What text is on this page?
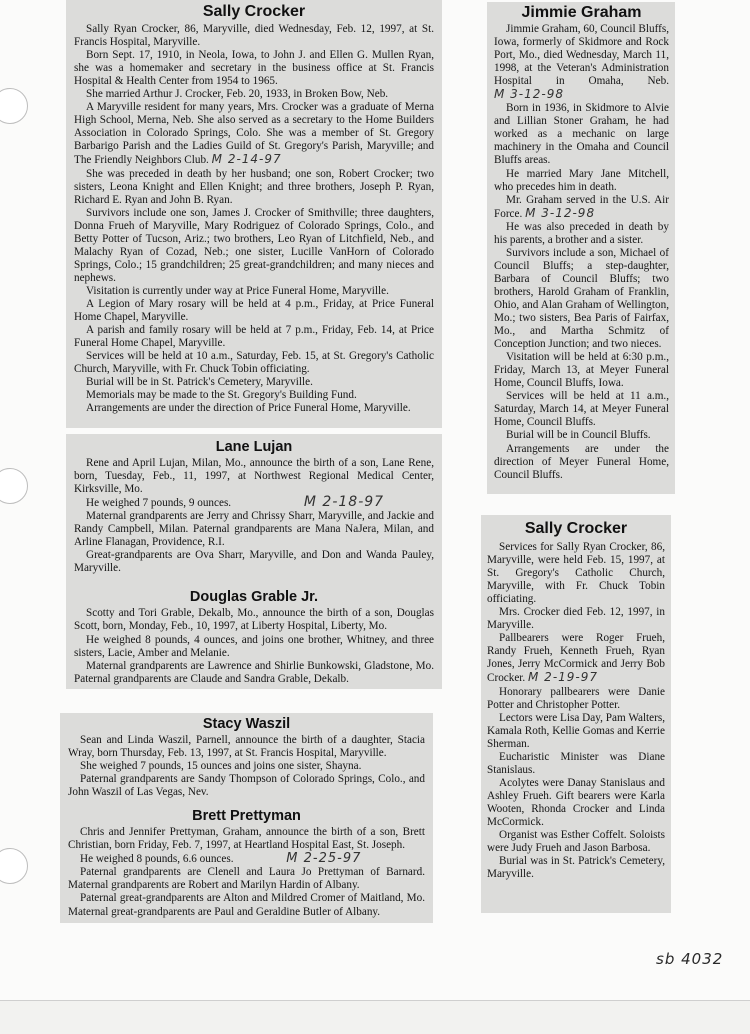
Sally Crocker

Sally Ryan Crocker, 86, Maryville, died Wednesday, Feb. 12, 1997, at St. Francis Hospital, Maryville.

Born Sept. 17, 1910, in Neola, Iowa, to John J. and Ellen G. Mullen Ryan, she was a homemaker and secretary in the business office at St. Francis Hospital & Health Center from 1954 to 1965.

She married Arthur J. Crocker, Feb. 20, 1933, in Broken Bow, Neb.

A Maryville resident for many years, Mrs. Crocker was a graduate of Merna High School, Merna, Neb. She also served as a secretary to the Home Builders Association in Colorado Springs, Colo. She was a member of St. Gregory Barbarigo Parish and the Ladies Guild of St. Gregory's Parish, Maryville; and The Friendly Neighbors Club. M 2-14-97

She was preceded in death by her husband; one son, Robert Crocker; two sisters, Leona Knight and Ellen Knight; and three brothers, Joseph P. Ryan, Richard E. Ryan and John B. Ryan.

Survivors include one son, James J. Crocker of Smithville; three daughters, Donna Frueh of Maryville, Mary Rodriguez of Colorado Springs, Colo., and Betty Potter of Tucson, Ariz.; two brothers, Leo Ryan of Litchfield, Neb., and Malachy Ryan of Cozad, Neb.; one sister, Lucille VanHorn of Colorado Springs, Colo.; 15 grandchildren; 25 great-grandchildren; and many nieces and nephews.

Visitation is currently under way at Price Funeral Home, Maryville.

A Legion of Mary rosary will be held at 4 p.m., Friday, at Price Funeral Home Chapel, Maryville.

A parish and family rosary will be held at 7 p.m., Friday, Feb. 14, at Price Funeral Home Chapel, Maryville.

Services will be held at 10 a.m., Saturday, Feb. 15, at St. Gregory's Catholic Church, Maryville, with Fr. Chuck Tobin officiating.

Burial will be in St. Patrick's Cemetery, Maryville.

Memorials may be made to the St. Gregory's Building Fund.

Arrangements are under the direction of Price Funeral Home, Maryville.

Lane Lujan

Rene and April Lujan, Milan, Mo., announce the birth of a son, Lane Rene, born, Tuesday, Feb., 11, 1997, at Northwest Regional Medical Center, Kirksville, Mo.

He weighed 7 pounds, 9 ounces.	M 2-18-97

Maternal grandparents are Jerry and Chrissy Sharr, Maryville, and Jackie and Randy Campbell, Milan. Paternal grandparents are Mana NaJera, Milan, and Arline Flanagan, Providence, R.I.

Great-grandparents are Ova Sharr, Maryville, and Don and Wanda Pauley, Maryville.

Douglas Grable Jr.

Scotty and Tori Grable, Dekalb, Mo., announce the birth of a son, Douglas Scott, born, Monday, Feb., 10, 1997, at Liberty Hospital, Liberty, Mo.

He weighed 8 pounds, 4 ounces, and joins one brother, Whitney, and three sisters, Lacie, Amber and Melanie.

Maternal grandparents are Lawrence and Shirlie Bunkowski, Gladstone, Mo. Paternal grandparents are Claude and Sandra Grable, Dekalb.

Stacy Waszil

Sean and Linda Waszil, Parnell, announce the birth of a daughter, Stacia Wray, born Thursday, Feb. 13, 1997, at St. Francis Hospital, Maryville.

She weighed 7 pounds, 15 ounces and joins one sister, Shayna.

Paternal grandparents are Sandy Thompson of Colorado Springs, Colo., and John Waszil of Las Vegas, Nev.

Brett Prettyman

Chris and Jennifer Prettyman, Graham, announce the birth of a son, Brett Christian, born Friday, Feb. 7, 1997, at Heartland Hospital East, St. Joseph.

He weighed 8 pounds, 6.6 ounces.	M 2-25-97

Paternal grandparents are Clenell and Laura Jo Prettyman of Barnard. Maternal grandparents are Robert and Marilyn Hardin of Albany.

Paternal great-grandparents are Alton and Mildred Cromer of Maitland, Mo. Maternal great-grandparents are Paul and Geraldine Butler of Albany.

Jimmie Graham

Jimmie Graham, 60, Council Bluffs, Iowa, formerly of Skidmore and Rock Port, Mo., died Wednesday, March 11, 1998, at the Veteran's Administration Hospital in Omaha, Neb. M 3-12-98

Born in 1936, in Skidmore to Alvie and Lillian Stoner Graham, he had worked as a mechanic on large machinery in the Omaha and Council Bluffs areas.

He married Mary Jane Mitchell, who precedes him in death.

Mr. Graham served in the U.S. Air Force. M 3-12-98

He was also preceded in death by his parents, a brother and a sister.

Survivors include a son, Michael of Council Bluffs; a step-daughter, Barbara of Council Bluffs; two brothers, Harold Graham of Franklin, Ohio, and Alan Graham of Wellington, Mo.; two sisters, Bea Paris of Fairfax, Mo., and Martha Schmitz of Conception Junction; and two nieces.

Visitation will be held at 6:30 p.m., Friday, March 13, at Meyer Funeral Home, Council Bluffs, Iowa.

Services will be held at 11 a.m., Saturday, March 14, at Meyer Funeral Home, Council Bluffs.

Burial will be in Council Bluffs.

Arrangements are under the direction of Meyer Funeral Home, Council Bluffs.

Sally Crocker

Services for Sally Ryan Crocker, 86, Maryville, were held Feb. 15, 1997, at St. Gregory's Catholic Church, Maryville, with Fr. Chuck Tobin officiating.

Mrs. Crocker died Feb. 12, 1997, in Maryville.

Pallbearers were Roger Frueh, Randy Frueh, Kenneth Frueh, Ryan Jones, Jerry McCormick and Jerry Bob Crocker. M 2-19-97

Honorary pallbearers were Danie Potter and Christopher Potter.

Lectors were Lisa Day, Pam Walters, Kamala Roth, Kellie Gomas and Kerrie Sherman.

Eucharistic Minister was Diane Stanislaus.

Acolytes were Danay Stanislaus and Ashley Frueh. Gift bearers were Karla Wooten, Rhonda Crocker and Linda McCormick.

Organist was Esther Coffelt. Soloists were Judy Frueh and Jason Barbosa.

Burial was in St. Patrick's Cemetery, Maryville.

sb 4032
